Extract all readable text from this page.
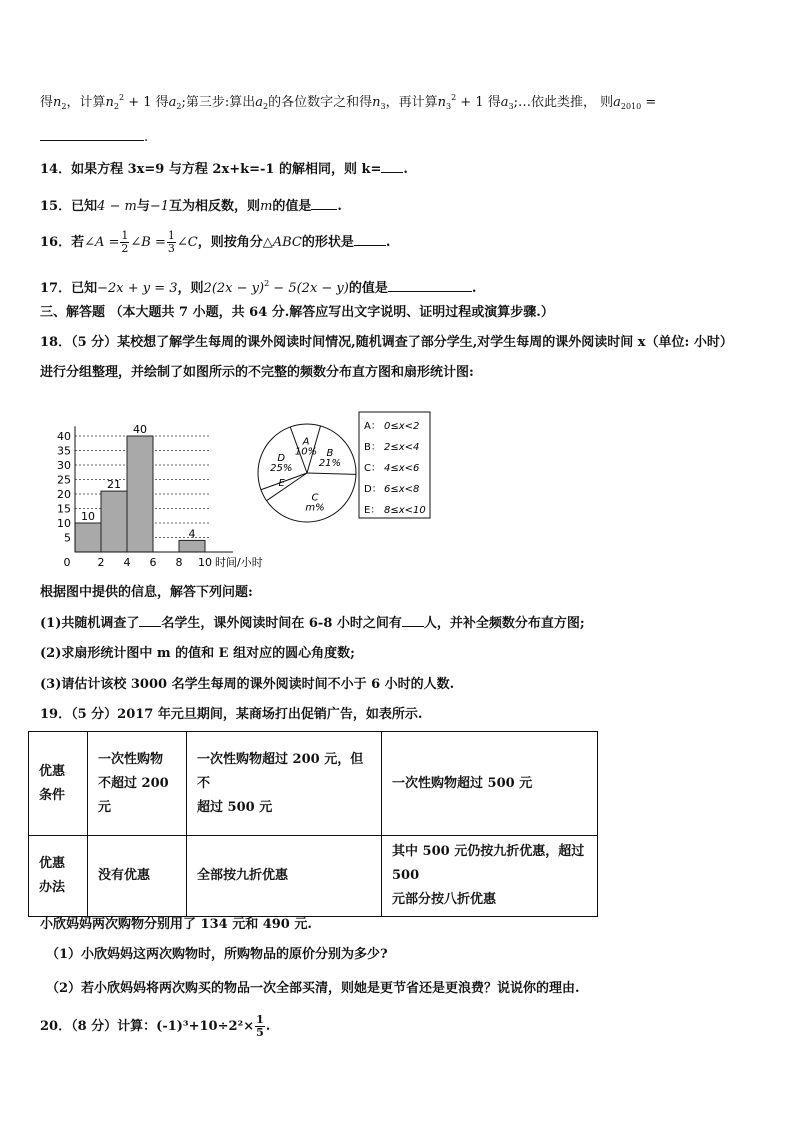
得$n_2$，计算$n_2^2 + 1$ 得$a_2$;第三步:算出$a_2$的各位数字之和得$n_3$，再计算$n_3^2 + 1$ 得$a_3;\dots$依此类推， 则$a_{2010}$ =
.
14．如果方程 3x=9 与方程 2x+k=-1 的解相同，则 k= .
15．已知4 − m与−1互为相反数，则m的值是 .
16．若∠A = $\frac{1}{2}$ ∠B = $\frac{1}{3}$ ∠C，则按角分△ABC的形状是 .
17．已知−2x + y = 3，则$2(2x - y)^2 - 5(2x - y)$的值是	.
三、解答题 （本大题共 7 小题，共 64 分.解答应写出文字说明、证明过程或演算步骤.）
18．（5 分）某校想了解学生每周的课外阅读时间情况,随机调查了部分学生,对学生每周的课外阅读时间 x（单位: 小时）
进行分组整理，并绘制了如图所示的不完整的频数分布直方图和扇形统计图:
5
10
15
20
25
30
35
40
10
21
40
4
0 2 4 6 8 10 时间/小时
A
10% B
21%
C
m%
E
D
25%
A： 0≤x<2
B： 2≤x<4
C： 4≤x<6
D： 6≤x<8
E： 8≤x<10
根据图中提供的信息，解答下列问题:
(1)共随机调查了 名学生，课外阅读时间在 6-8 小时之间有 人，并补全频数分布直方图;
(2)求扇形统计图中 m 的值和 E 组对应的圆心角度数;
(3)请估计该校 3000 名学生每周的课外阅读时间不小于 6 小时的人数.
19．（5 分）2017 年元旦期间，某商场打出促销广告，如表所示.
优惠
条件	一次性购物
不超过 200
元	一次性购物超过 200 元，但不
超过 500 元	一次性购物超过 500 元
优惠
办法	没有优惠	全部按九折优惠	其中 500 元仍按九折优惠，超过 500
元部分按八折优惠
小欣妈妈两次购物分别用了 134 元和 490 元.
（1）小欣妈妈这两次购物时，所购物品的原价分别为多少?
（2）若小欣妈妈将两次购买的物品一次全部买清，则她是更节省还是更浪费？说说你的理由.
20．（8 分）计算：$(-1)^3+10\div 2^2\times \frac{1}{5}$ .
